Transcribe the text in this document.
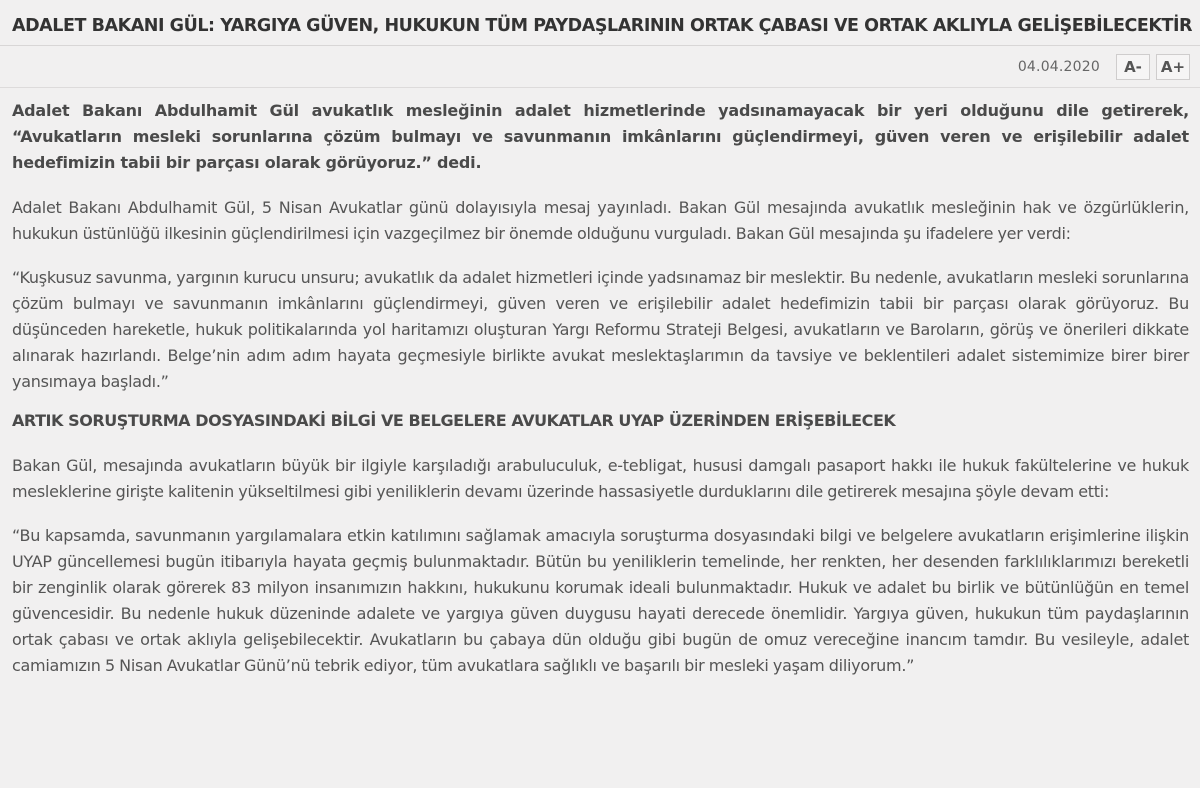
ADALET BAKANI GÜL: YARGIYA GÜVEN, HUKUKUN TÜM PAYDAŞLARININ ORTAK ÇABASI VE ORTAK AKLIYLA GELİŞEBİLECEKTİR
04.04.2020	A-	A+

Adalet Bakanı Abdulhamit Gül avukatlık mesleğinin adalet hizmetlerinde yadsınamayacak bir yeri olduğunu dile getirerek, “Avukatların mesleki sorunlarına çözüm bulmayı ve savunmanın imkânlarını güçlendirmeyi, güven veren ve erişilebilir adalet hedefimizin tabii bir parçası olarak görüyoruz.” dedi.

Adalet Bakanı Abdulhamit Gül, 5 Nisan Avukatlar günü dolayısıyla mesaj yayınladı. Bakan Gül mesajında avukatlık mesleğinin hak ve özgürlüklerin, hukukun üstünlüğü ilkesinin güçlendirilmesi için vazgeçilmez bir önemde olduğunu vurguladı. Bakan Gül mesajında şu ifadelere yer verdi:

“Kuşkusuz savunma, yargının kurucu unsuru; avukatlık da adalet hizmetleri içinde yadsınamaz bir meslektir. Bu nedenle, avukatların mesleki sorunlarına çözüm bulmayı ve savunmanın imkânlarını güçlendirmeyi, güven veren ve erişilebilir adalet hedefimizin tabii bir parçası olarak görüyoruz. Bu düşünceden hareketle, hukuk politikalarında yol haritamızı oluşturan Yargı Reformu Strateji Belgesi, avukatların ve Baroların, görüş ve önerileri dikkate alınarak hazırlandı. Belge’nin adım adım hayata geçmesiyle birlikte avukat meslektaşlarımın da tavsiye ve beklentileri adalet sistemimize birer birer yansımaya başladı.”

ARTIK SORUŞTURMA DOSYASINDAKİ BİLGİ VE BELGELERE AVUKATLAR UYAP ÜZERİNDEN ERİŞEBİLECEK

Bakan Gül, mesajında avukatların büyük bir ilgiyle karşıladığı arabuluculuk, e-tebligat, hususi damgalı pasaport hakkı ile hukuk fakültelerine ve hukuk mesleklerine girişte kalitenin yükseltilmesi gibi yeniliklerin devamı üzerinde hassasiyetle durduklarını dile getirerek mesajına şöyle devam etti:

“Bu kapsamda, savunmanın yargılamalara etkin katılımını sağlamak amacıyla soruşturma dosyasındaki bilgi ve belgelere avukatların erişimlerine ilişkin UYAP güncellemesi bugün itibarıyla hayata geçmiş bulunmaktadır. Bütün bu yeniliklerin temelinde, her renkten, her desenden farklılıklarımızı bereketli bir zenginlik olarak görerek 83 milyon insanımızın hakkını, hukukunu korumak ideali bulunmaktadır. Hukuk ve adalet bu birlik ve bütünlüğün en temel güvencesidir. Bu nedenle hukuk düzeninde adalete ve yargıya güven duygusu hayati derecede önemlidir. Yargıya güven, hukukun tüm paydaşlarının ortak çabası ve ortak aklıyla gelişebilecektir. Avukatların bu çabaya dün olduğu gibi bugün de omuz vereceğine inancım tamdır. Bu vesileyle, adalet camiamızın 5 Nisan Avukatlar Günü’nü tebrik ediyor, tüm avukatlara sağlıklı ve başarılı bir mesleki yaşam diliyorum.”
